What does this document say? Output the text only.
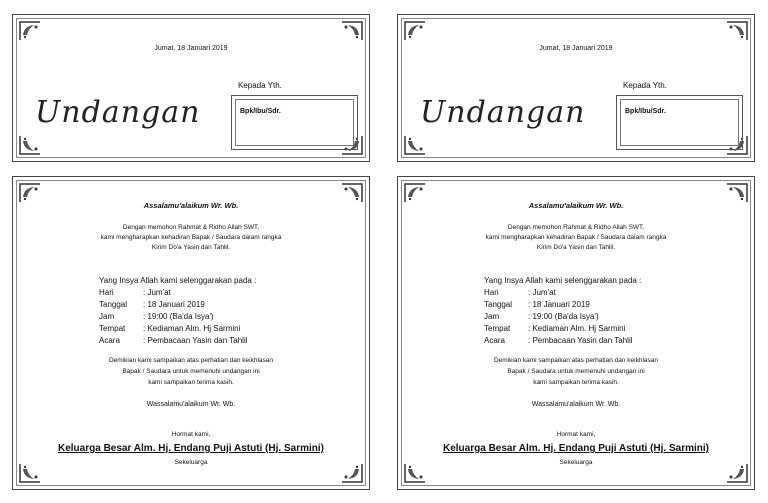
Jumat, 18 Januari 2019
Undangan
Kepada Yth.
Bpk/Ibu/Sdr.
Jumat, 18 Januari 2019
Undangan
Kepada Yth.
Bpk/Ibu/Sdr.
Assalamu'alaikum Wr. Wb.
Dengan memohon Rahmat & Ridho Allah SWT,
kami mengharapkan kehadiran Bapak / Saudara dalam rangka
Kirim Do'a Yasin dan Tahlil.
Yang Insya Allah kami selenggarakan pada :
Hari	: Jum'at
Tanggal	: 18 Januari 2019
Jam	: 19:00 (Ba'da Isya')
Tempat	: Kediaman Alm. Hj Sarmini
Acara	: Pembacaan Yasin dan Tahlil
Demikian kami sampaikan atas perhatian dan keikhlasan
Bapak / Saudara untuk memenuhi undangan ini
kami sampaikan terima kasih.
Wassalamu'alaikum Wr. Wb.
Hormat kami,
Keluarga Besar Alm. Hj. Endang Puji Astuti (Hj. Sarmini)
Sekeluarga
Assalamu'alaikum Wr. Wb.
Dengan memohon Rahmat & Ridho Allah SWT,
kami mengharapkan kehadiran Bapak / Saudara dalam rangka
Kirim Do'a Yasin dan Tahlil.
Yang Insya Allah kami selenggarakan pada :
Hari	: Jum'at
Tanggal	: 18 Januari 2019
Jam	: 19:00 (Ba'da Isya')
Tempat	: Kediaman Alm. Hj Sarmini
Acara	: Pembacaan Yasin dan Tahlil
Demikian kami sampaikan atas perhatian dan keikhlasan
Bapak / Saudara untuk memenuhi undangan ini
kami sampaikan terima kasih.
Wassalamu'alaikum Wr. Wb.
Hormat kami,
Keluarga Besar Alm. Hj. Endang Puji Astuti (Hj. Sarmini)
Sekeluarga
